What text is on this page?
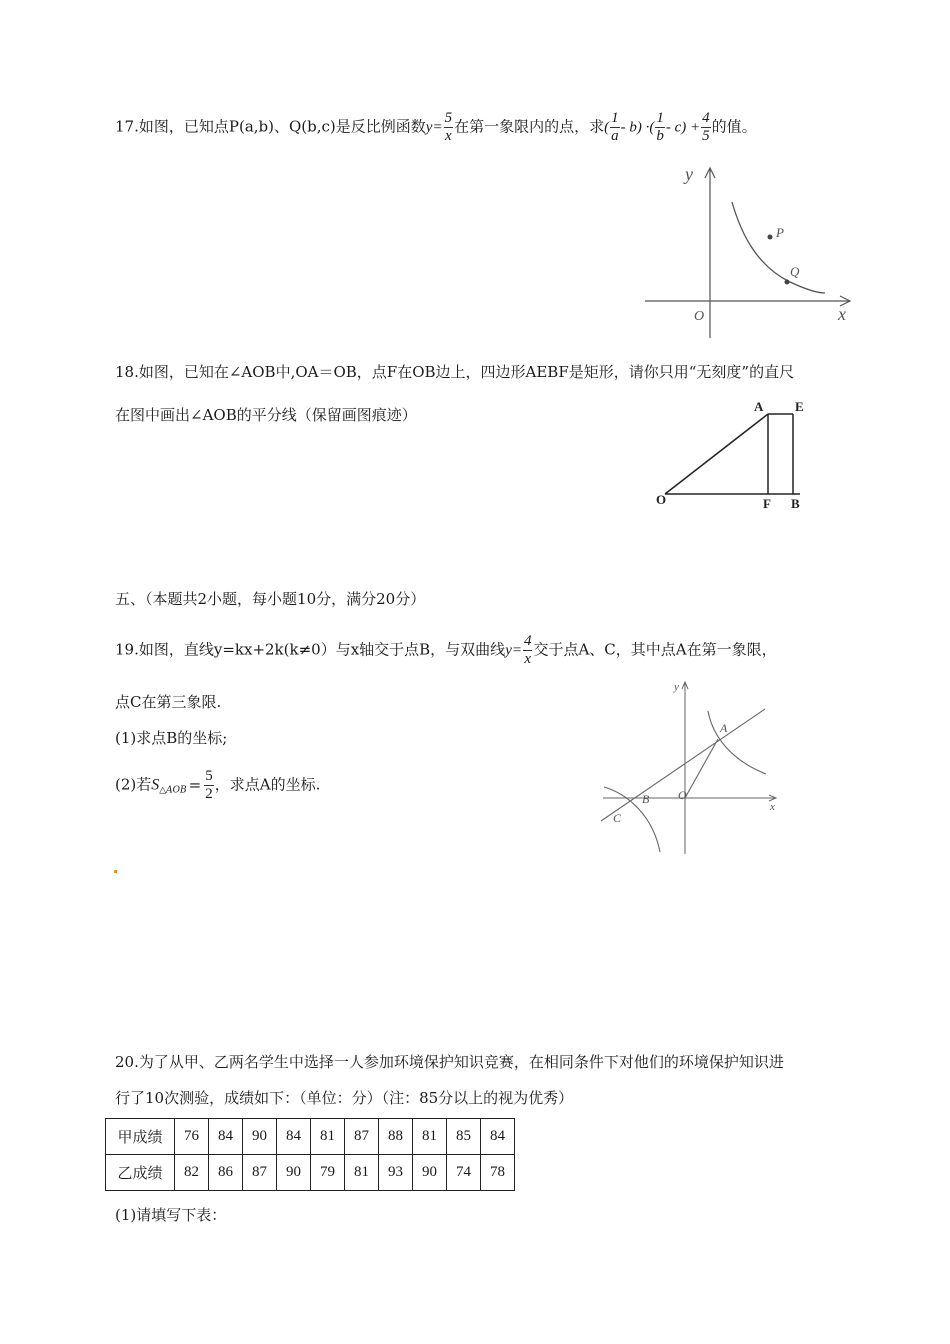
17.如图，已知点P(a,b)、Q(b,c)是反比例函数$y= \frac{5}{x}$ 在第一象限内的点，求( $\frac{1}{a} - b$) ·( $\frac{1}{b} - c) + \frac{4}{5}$ 的值。
y
x
O
P
Q
18.如图，已知在∠AOB中,OA＝OB，点F在OB边上，四边形AEBF是矩形，请你只用“无刻度”的直尺
在图中画出∠AOB的平分线（保留画图痕迹）	A E
O	F B
五、（本题共2小题，每小题10分，满分20分）
19.如图，直线y=kx+2k(k≠0）与x轴交于点B，与双曲线$y= \frac{4}{x}$ 交于点A、C，其中点A在第一象限，
点C在第三象限.
(1)求点B的坐标;
(2)若$S_{\triangle AOB} = \frac{5}{2}$ ，求点A的坐标.
y
x
A
B O
C
20.为了从甲、乙两名学生中选择一人参加环境保护知识竞赛，在相同条件下对他们的环境保护知识进
行了10次测验，成绩如下：（单位：分）（注：85分以上的视为优秀）
甲成绩	76	84	90	84	81	87	88	81	85	84
乙成绩	82	86	87	90	79	81	93	90	74	78
(1)请填写下表：
